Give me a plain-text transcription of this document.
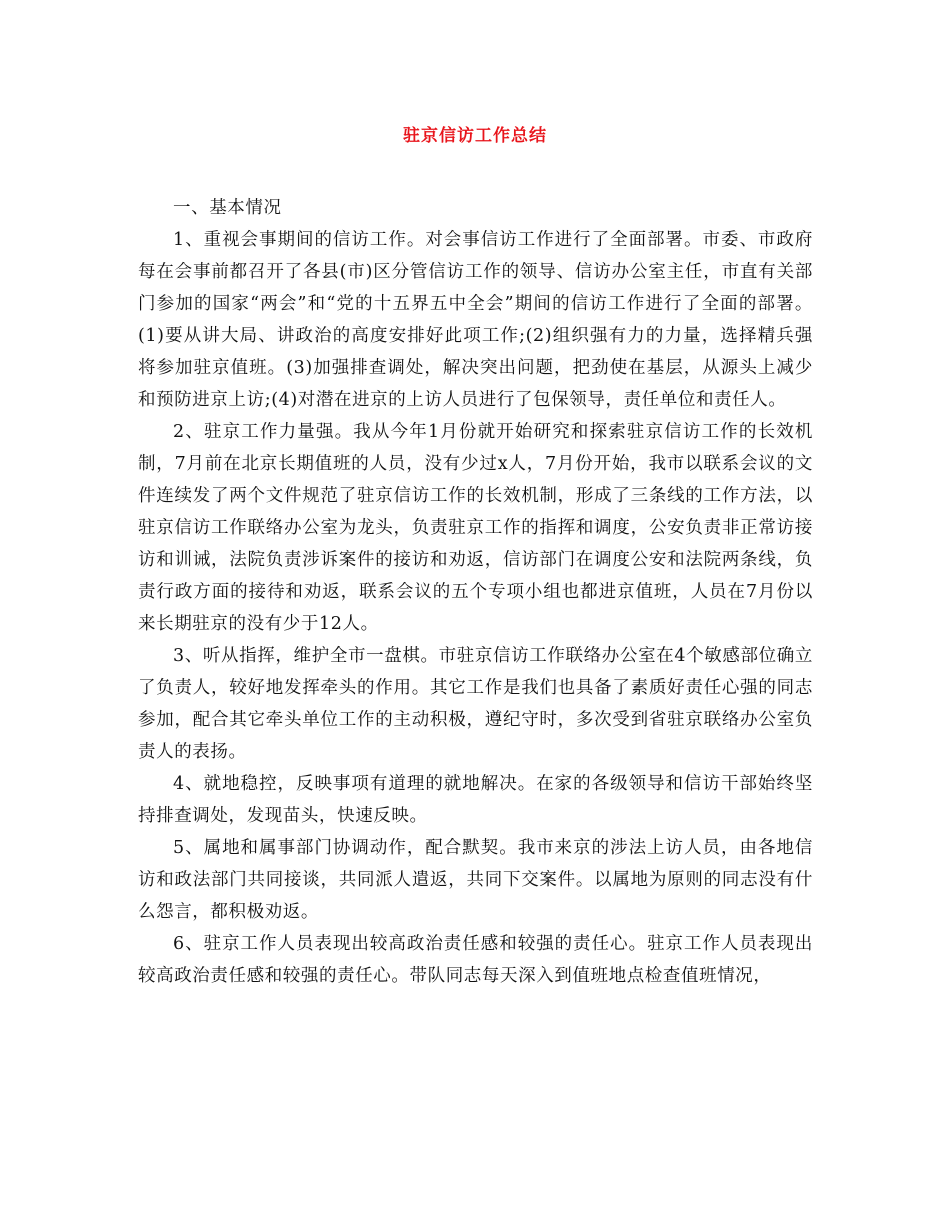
驻京信访工作总结

一、基本情况

1、重视会事期间的信访工作。对会事信访工作进行了全面部署。市委、市政府每在会事前都召开了各县(市)区分管信访工作的领导、信访办公室主任，市直有关部门参加的国家“两会”和“党的十五界五中全会”期间的信访工作进行了全面的部署。(1)要从讲大局、讲政治的高度安排好此项工作;(2)组织强有力的力量，选择精兵强将参加驻京值班。(3)加强排查调处，解决突出问题，把劲使在基层，从源头上减少和预防进京上访;(4)对潜在进京的上访人员进行了包保领导，责任单位和责任人。

2、驻京工作力量强。我从今年1月份就开始研究和探索驻京信访工作的长效机制，7月前在北京长期值班的人员，没有少过x人，7月份开始，我市以联系会议的文件连续发了两个文件规范了驻京信访工作的长效机制，形成了三条线的工作方法，以驻京信访工作联络办公室为龙头，负责驻京工作的指挥和调度，公安负责非正常访接访和训诫，法院负责涉诉案件的接访和劝返，信访部门在调度公安和法院两条线，负责行政方面的接待和劝返，联系会议的五个专项小组也都进京值班，人员在7月份以来长期驻京的没有少于12人。

3、听从指挥，维护全市一盘棋。市驻京信访工作联络办公室在4个敏感部位确立了负责人，较好地发挥牵头的作用。其它工作是我们也具备了素质好责任心强的同志参加，配合其它牵头单位工作的主动积极，遵纪守时，多次受到省驻京联络办公室负责人的表扬。

4、就地稳控，反映事项有道理的就地解决。在家的各级领导和信访干部始终坚持排查调处，发现苗头，快速反映。

5、属地和属事部门协调动作，配合默契。我市来京的涉法上访人员，由各地信访和政法部门共同接谈，共同派人遣返，共同下交案件。以属地为原则的同志没有什么怨言，都积极劝返。

6、驻京工作人员表现出较高政治责任感和较强的责任心。驻京工作人员表现出较高政治责任感和较强的责任心。带队同志每天深入到值班地点检查值班情况，
